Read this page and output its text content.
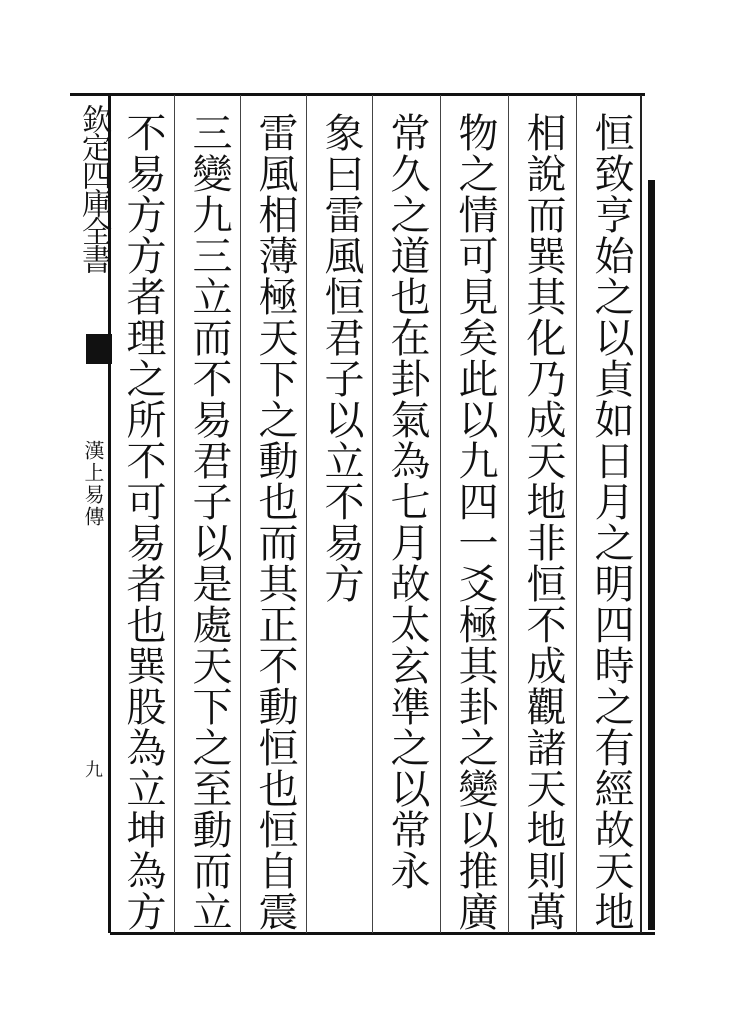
欽定四庫全書
漢上易傳
九	恒致亨始之以貞如日月之明四時之有經故天地
相說而巽其化乃成天地非恒不成觀諸天地則萬
物之情可見矣此以九四一爻極其卦之變以推廣
常久之道也在卦氣為七月故太玄凖之以常永
象曰雷風恒君子以立不易方
雷風相薄極天下之動也而其正不動恒也恒自震
三變九三立而不易君子以是處天下之至動而立
不易方方者理之所不可易者也巽股為立坤為方
